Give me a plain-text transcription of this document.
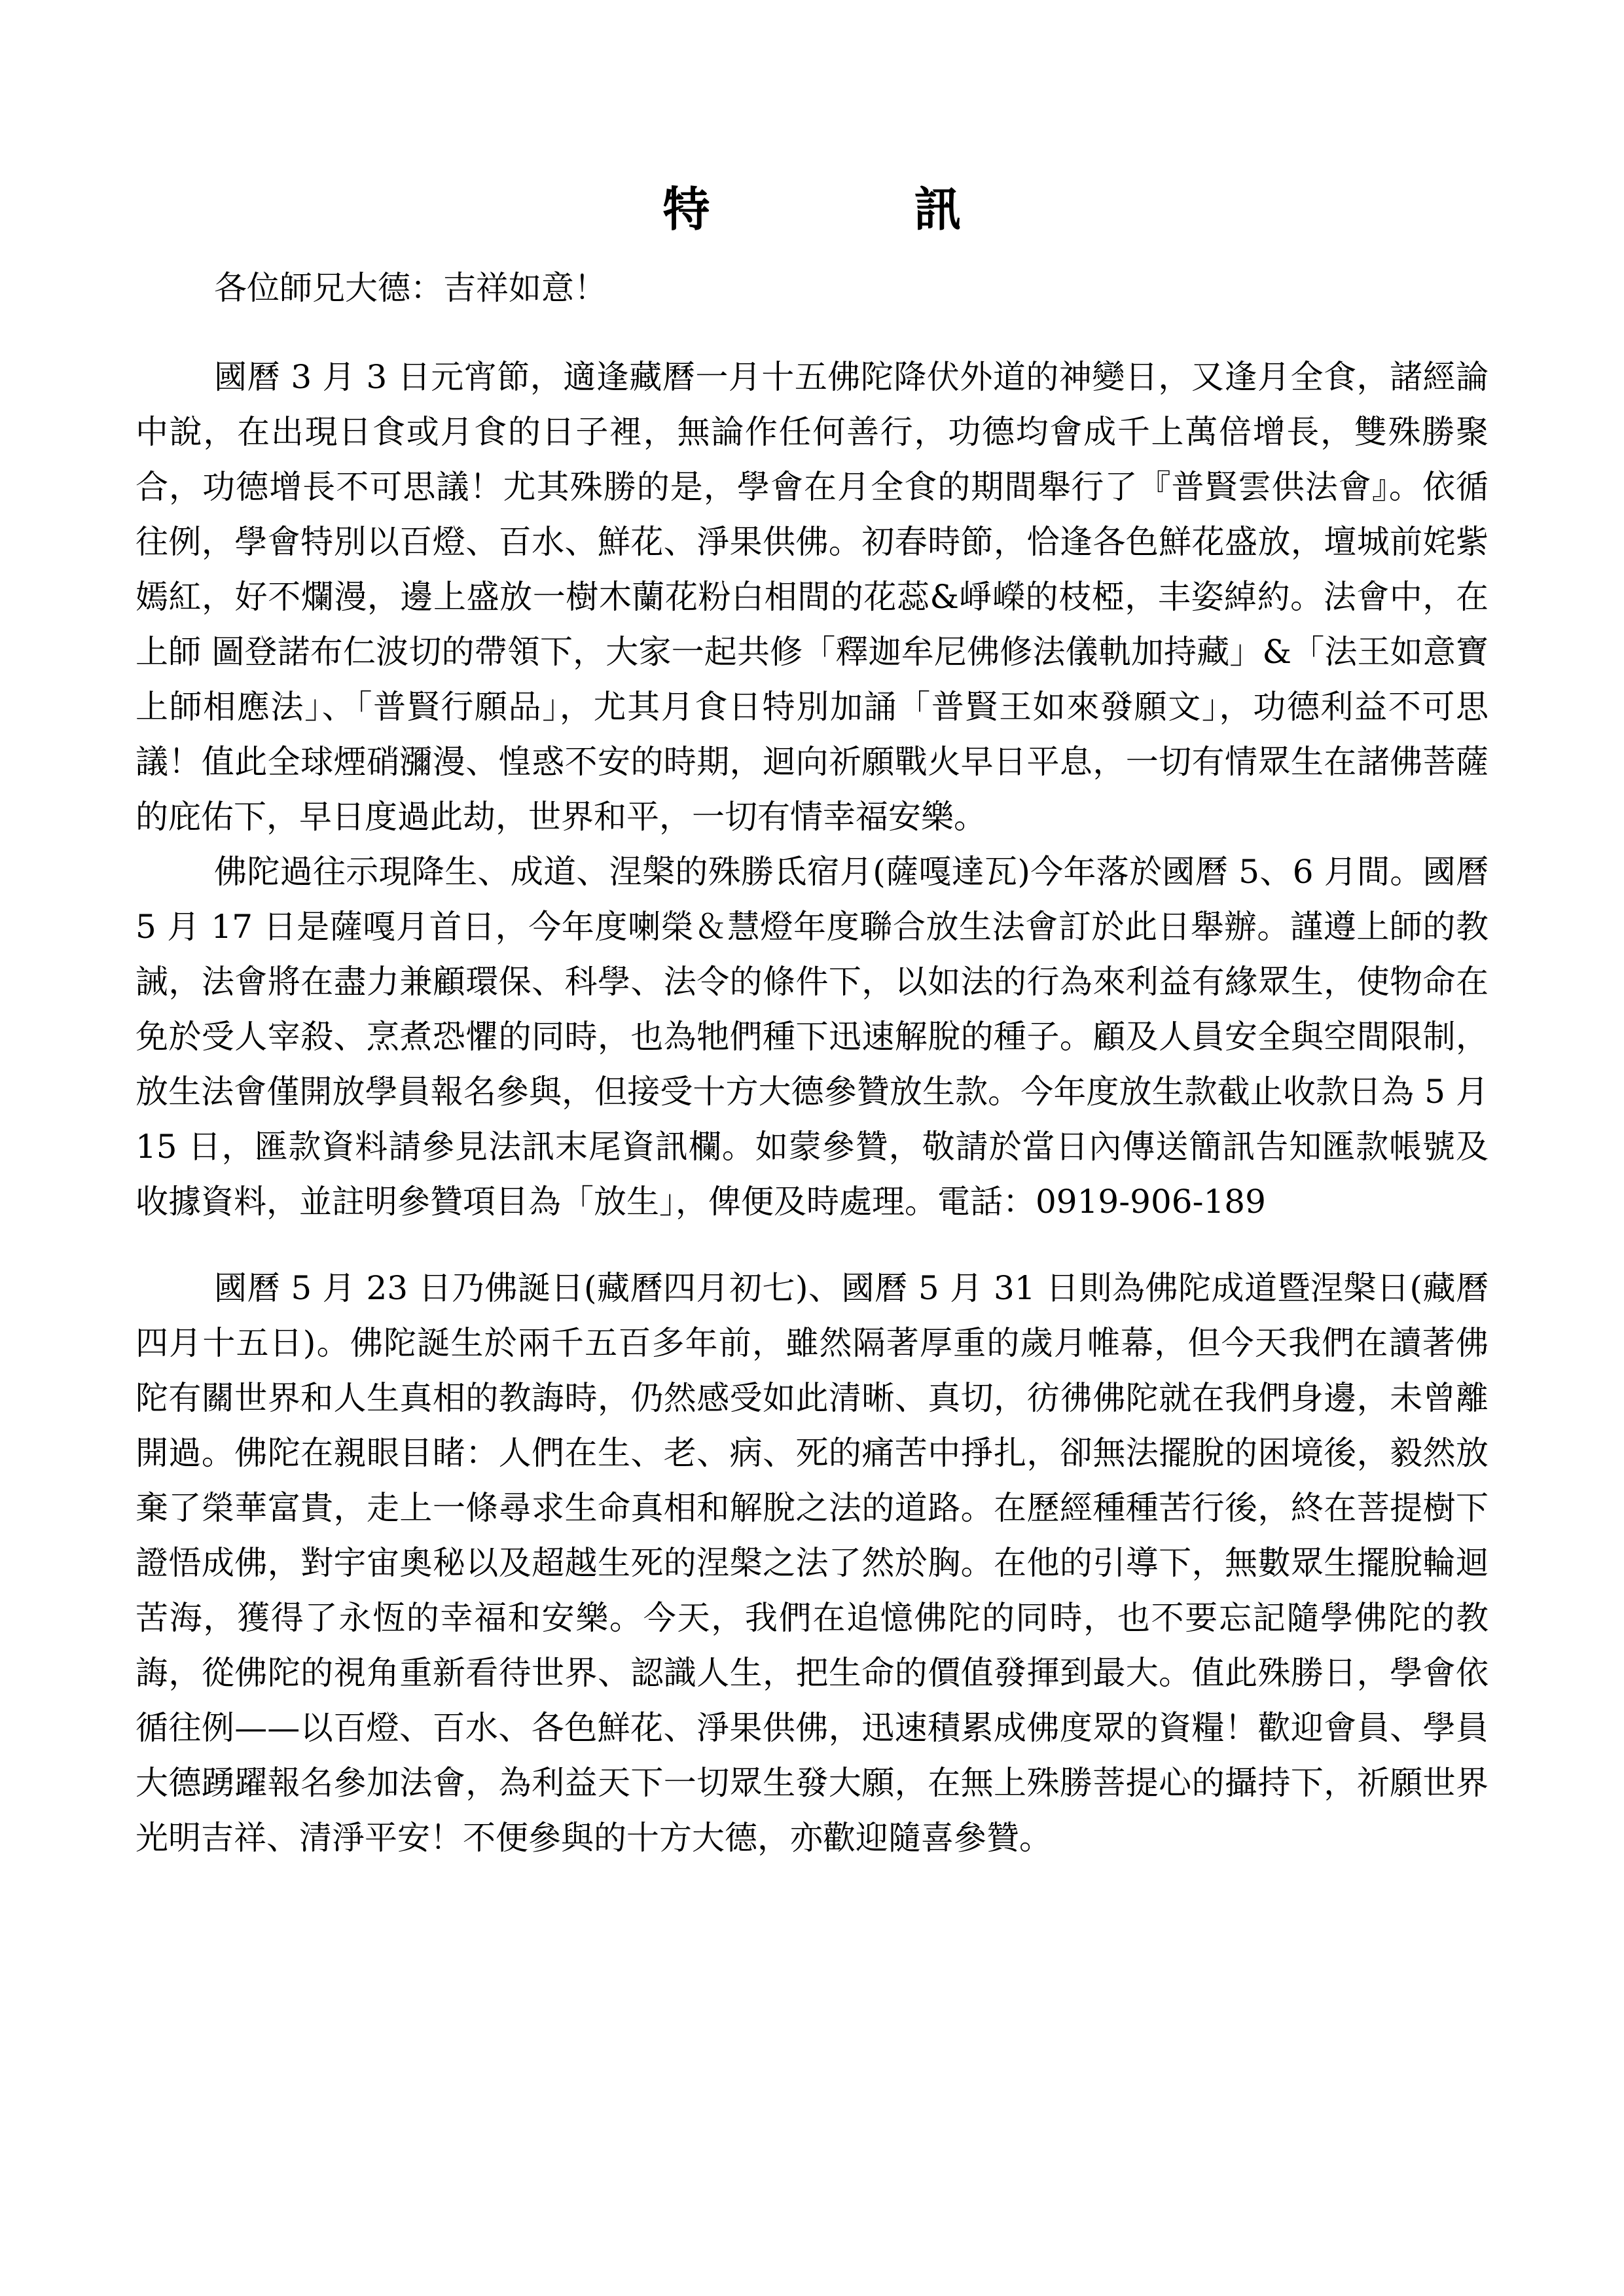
特　訊

各位師兄大德：吉祥如意！

國曆 3 月 3 日元宵節，適逢藏曆一月十五佛陀降伏外道的神變日，又逢月全食，諸經論中說，在出現日食或月食的日子裡，無論作任何善行，功德均會成千上萬倍增長，雙殊勝聚合，功德增長不可思議！尤其殊勝的是，學會在月全食的期間舉行了『普賢雲供法會』。依循往例，學會特別以百燈、百水、鮮花、淨果供佛。初春時節，恰逢各色鮮花盛放，壇城前姹紫嫣紅，好不爛漫，邊上盛放一樹木蘭花粉白相間的花蕊&崢嶸的枝椏，丰姿綽約。法會中，在上師 圖登諾布仁波切的帶領下，大家一起共修「釋迦牟尼佛修法儀軌加持藏」&「法王如意寶上師相應法」、「普賢行願品」，尤其月食日特別加誦「普賢王如來發願文」，功德利益不可思議！值此全球煙硝瀰漫、惶惑不安的時期，迴向祈願戰火早日平息，一切有情眾生在諸佛菩薩的庇佑下，早日度過此劫，世界和平，一切有情幸福安樂。

佛陀過往示現降生、成道、涅槃的殊勝氐宿月(薩嘎達瓦)今年落於國曆 5、6 月間。國曆 5 月 17 日是薩嘎月首日，今年度喇榮＆慧燈年度聯合放生法會訂於此日舉辦。謹遵上師的教誡，法會將在盡力兼顧環保、科學、法令的條件下，以如法的行為來利益有緣眾生，使物命在免於受人宰殺、烹煮恐懼的同時，也為牠們種下迅速解脫的種子。顧及人員安全與空間限制，放生法會僅開放學員報名參與，但接受十方大德參贊放生款。今年度放生款截止收款日為 5 月 15 日，匯款資料請參見法訊末尾資訊欄。如蒙參贊，敬請於當日內傳送簡訊告知匯款帳號及收據資料，並註明參贊項目為「放生」，俾便及時處理。電話：0919-906-189

國曆 5 月 23 日乃佛誕日(藏曆四月初七)、國曆 5 月 31 日則為佛陀成道暨涅槃日(藏曆四月十五日)。佛陀誕生於兩千五百多年前，雖然隔著厚重的歲月帷幕，但今天我們在讀著佛陀有關世界和人生真相的教誨時，仍然感受如此清晰、真切，彷彿佛陀就在我們身邊，未曾離開過。佛陀在親眼目睹：人們在生、老、病、死的痛苦中掙扎，卻無法擺脫的困境後，毅然放棄了榮華富貴，走上一條尋求生命真相和解脫之法的道路。在歷經種種苦行後，終在菩提樹下證悟成佛，對宇宙奧秘以及超越生死的涅槃之法了然於胸。在他的引導下，無數眾生擺脫輪迴苦海，獲得了永恆的幸福和安樂。今天，我們在追憶佛陀的同時，也不要忘記隨學佛陀的教誨，從佛陀的視角重新看待世界、認識人生，把生命的價值發揮到最大。值此殊勝日，學會依循往例——以百燈、百水、各色鮮花、淨果供佛，迅速積累成佛度眾的資糧！歡迎會員、學員大德踴躍報名參加法會，為利益天下一切眾生發大願，在無上殊勝菩提心的攝持下，祈願世界光明吉祥、清淨平安！不便參與的十方大德，亦歡迎隨喜參贊。
